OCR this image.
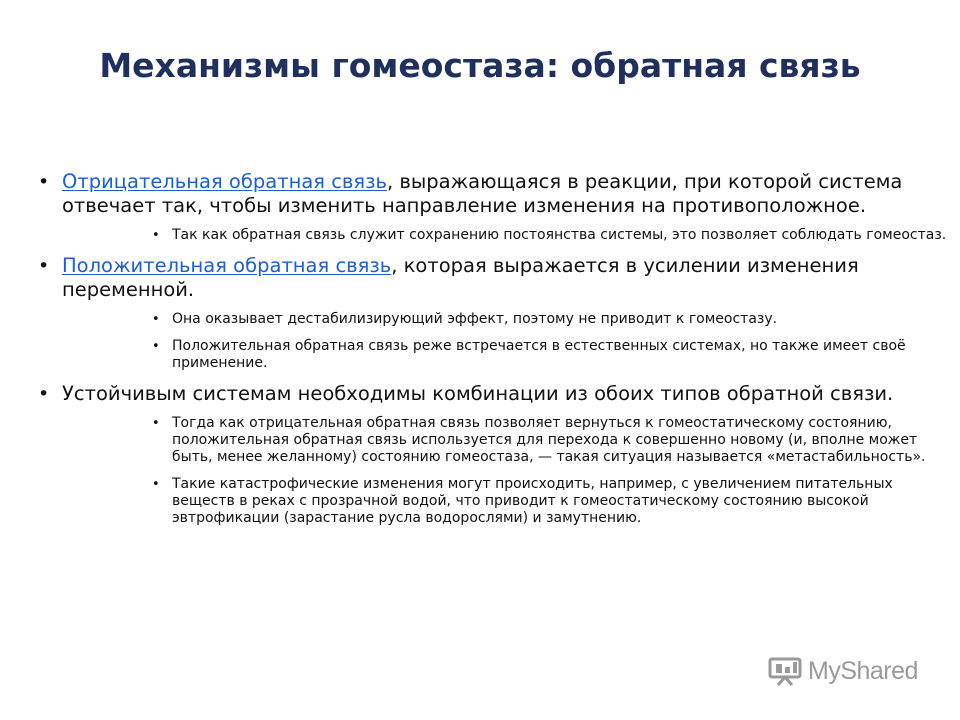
Механизмы гомеостаза: обратная связь
• Отрицательная обратная связь, выражающаяся в реакции, при которой система отвечает так, чтобы изменить направление изменения на противоположное.
• Так как обратная связь служит сохранению постоянства системы, это позволяет соблюдать гомеостаз.
• Положительная обратная связь, которая выражается в усилении изменения переменной.
• Она оказывает дестабилизирующий эффект, поэтому не приводит к гомеостазу.
• Положительная обратная связь реже встречается в естественных системах, но также имеет своё применение.
• Устойчивым системам необходимы комбинации из обоих типов обратной связи.
• Тогда как отрицательная обратная связь позволяет вернуться к гомеостатическому состоянию, положительная обратная связь используется для перехода к совершенно новому (и, вполне может быть, менее желанному) состоянию гомеостаза, — такая ситуация называется «метастабильность».
• Такие катастрофические изменения могут происходить, например, с увеличением питательных веществ в реках с прозрачной водой, что приводит к гомеостатическому состоянию высокой эвтрофикации (зарастание русла водорослями) и замутнению.
MyShared
